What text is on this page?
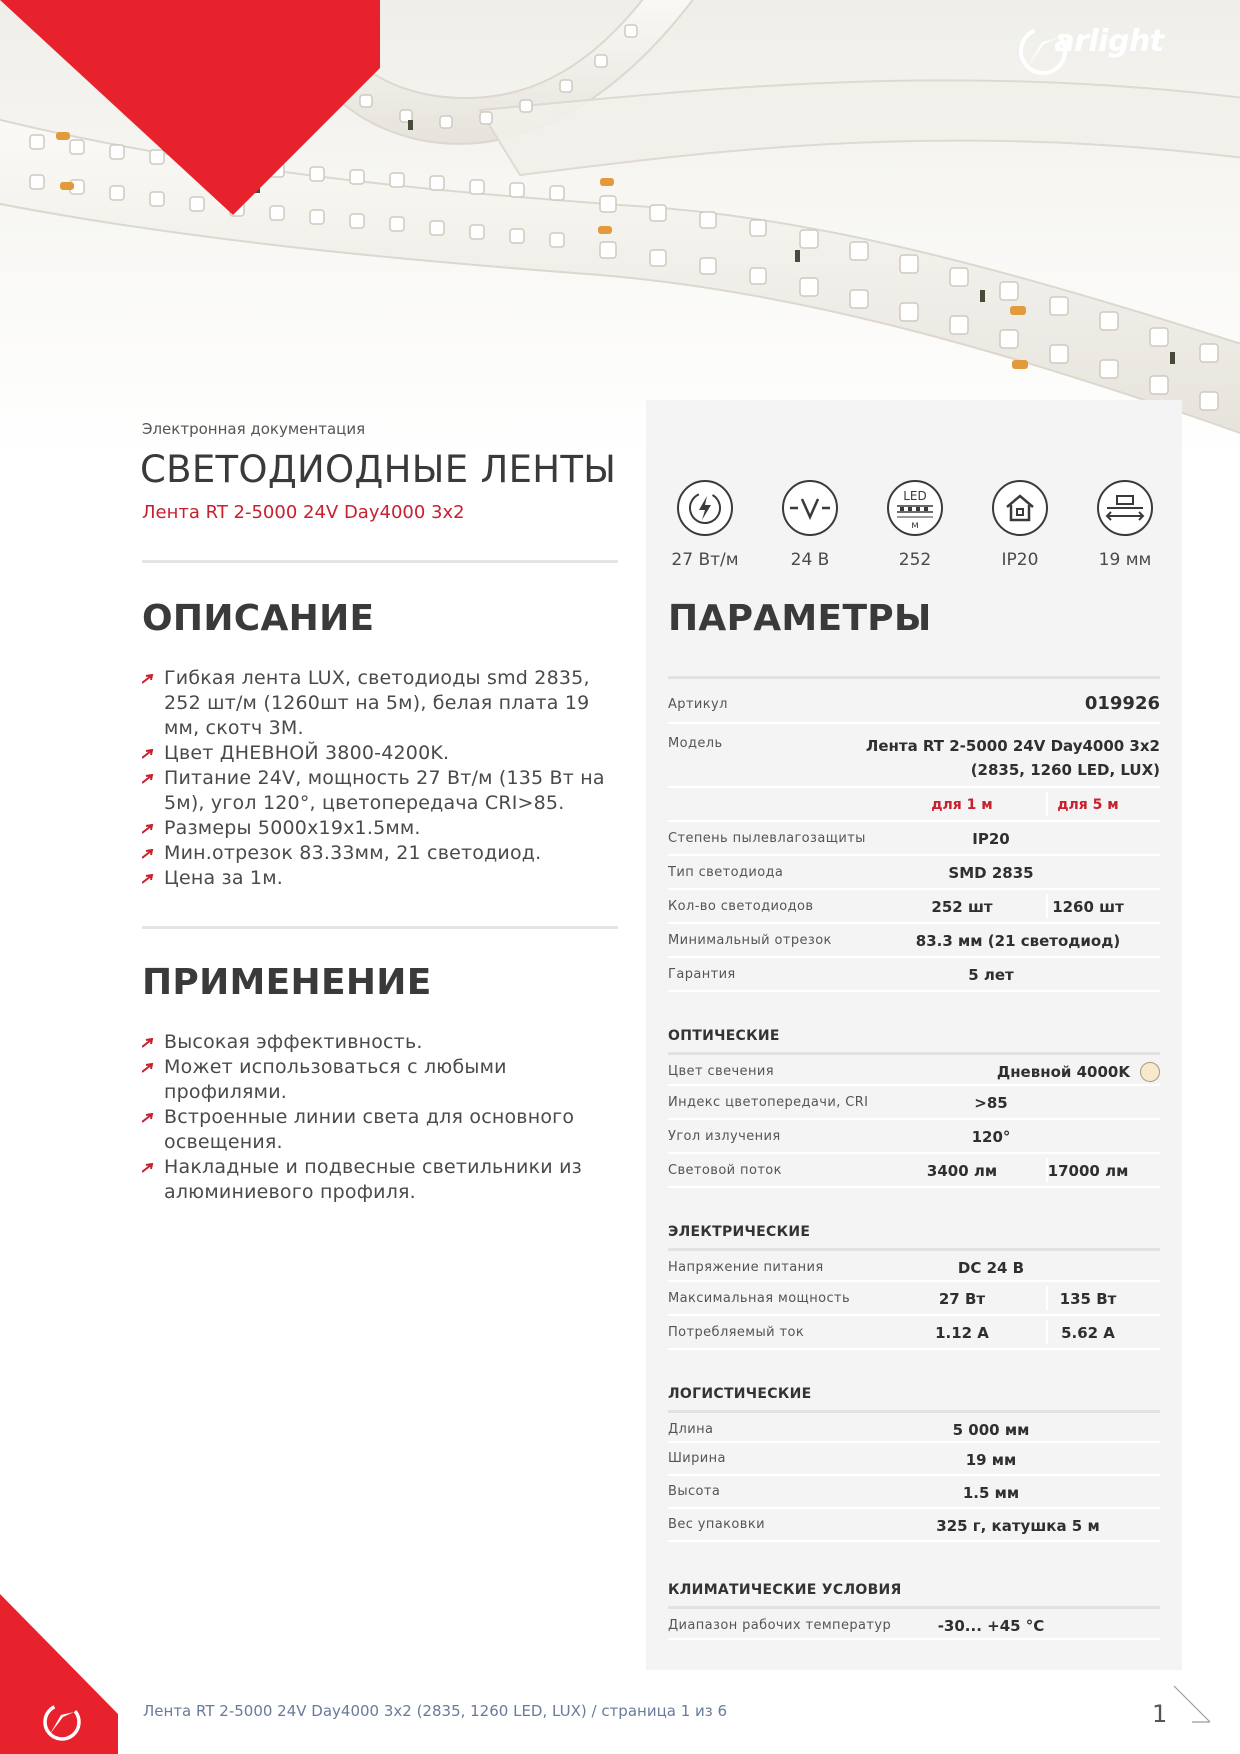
arlight
Электронная документация
СВЕТОДИОДНЫЕ ЛЕНТЫ
Лента RT 2-5000 24V Day4000 3x2
ОПИСАНИЕ
Гибкая лента LUX, светодиоды smd 2835, 252 шт/м (1260шт на 5м), белая плата 19 мм, скотч 3М.
Цвет ДНЕВНОЙ 3800-4200K.
Питание 24V, мощность 27 Вт/м (135 Вт на 5м), угол 120°, цветопередача CRI>85.
Размеры 5000x19x1.5мм.
Мин.отрезок 83.33мм, 21 светодиод.
Цена за 1м.
ПРИМЕНЕНИЕ
Высокая эффективность.
Может использоваться с любыми профилями.
Встроенные линии света для основного освещения.
Накладные и подвесные светильники из алюминиевого профиля.
27 Вт/м	24 В
LED
м
252	IP20	19 мм
ПАРАМЕТРЫ
Артикул	019926
Модель	Лента RT 2-5000 24V Day4000 3x2
(2835, 1260 LED, LUX)
для 1 м	для 5 м
Степень пылевлагозащиты	IP20
Тип светодиода	SMD 2835
Кол-во светодиодов	252 шт	1260 шт
Минимальный отрезок	83.3 мм (21 светодиод)
Гарантия	5 лет
ОПТИЧЕСКИЕ
Цвет свечения	Дневной 4000K
Индекс цветопередачи, CRI	>85
Угол излучения	120°
Световой поток	3400 лм	17000 лм
ЭЛЕКТРИЧЕСКИЕ
Напряжение питания	DC 24 В
Максимальная мощность	27 Вт	135 Вт
Потребляемый ток	1.12 А	5.62 А
ЛОГИСТИЧЕСКИЕ
Длина	5 000 мм
Ширина	19 мм
Высота	1.5 мм
Вес упаковки	325 г, катушка 5 м
КЛИМАТИЧЕСКИЕ УСЛОВИЯ
Диапазон рабочих температур	-30... +45 °С
Лента RT 2-5000 24V Day4000 3x2 (2835, 1260 LED, LUX) / страница 1 из 6	1
